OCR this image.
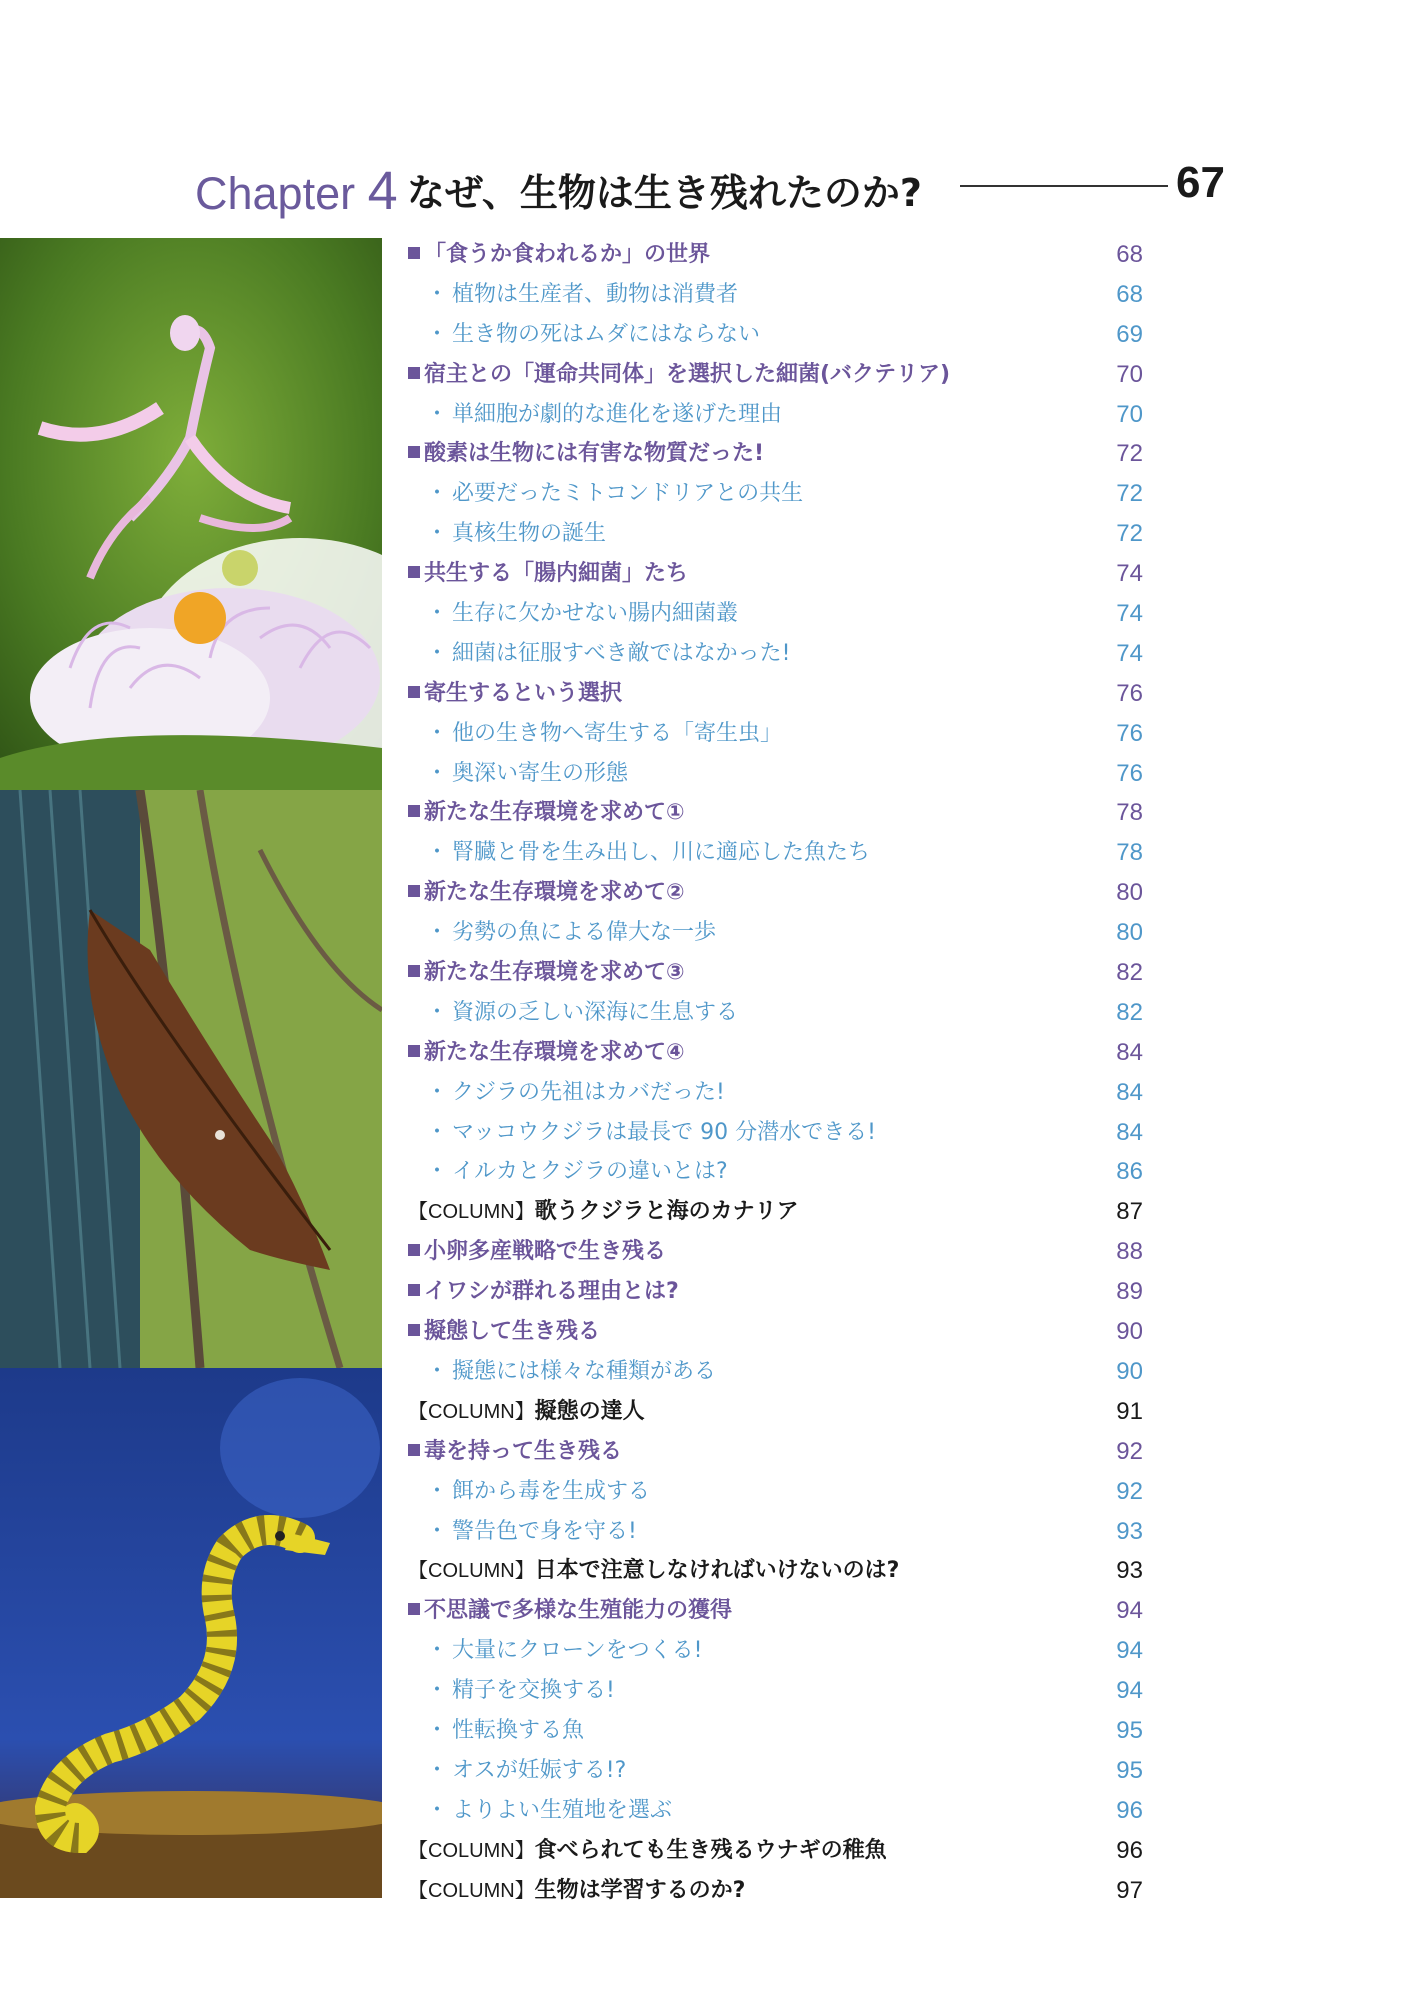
Chapter 4 なぜ、生物は生き残れたのか?	67
「食うか食われるか」の世界	68
・ 植物は生産者、動物は消費者	68
・ 生き物の死はムダにはならない	69
宿主との「運命共同体」を選択した細菌(バクテリア)	70
・ 単細胞が劇的な進化を遂げた理由	70
酸素は生物には有害な物質だった!	72
・ 必要だったミトコンドリアとの共生	72
・ 真核生物の誕生	72
共生する「腸内細菌」たち	74
・ 生存に欠かせない腸内細菌叢	74
・ 細菌は征服すべき敵ではなかった!	74
寄生するという選択	76
・ 他の生き物へ寄生する「寄生虫」	76
・ 奥深い寄生の形態	76
新たな生存環境を求めて①	78
・ 腎臓と骨を生み出し、川に適応した魚たち	78
新たな生存環境を求めて②	80
・ 劣勢の魚による偉大な一歩	80
新たな生存環境を求めて③	82
・ 資源の乏しい深海に生息する	82
新たな生存環境を求めて④	84
・ クジラの先祖はカバだった!	84
・ マッコウクジラは最長で 90 分潜水できる!	84
・ イルカとクジラの違いとは?	86
【COLUMN】歌うクジラと海のカナリア	87
小卵多産戦略で生き残る	88
イワシが群れる理由とは?	89
擬態して生き残る	90
・ 擬態には様々な種類がある	90
【COLUMN】擬態の達人	91
毒を持って生き残る	92
・ 餌から毒を生成する	92
・ 警告色で身を守る!	93
【COLUMN】日本で注意しなければいけないのは?	93
不思議で多様な生殖能力の獲得	94
・ 大量にクローンをつくる!	94
・ 精子を交換する!	94
・ 性転換する魚	95
・ オスが妊娠する!?	95
・ よりよい生殖地を選ぶ	96
【COLUMN】食べられても生き残るウナギの稚魚	96
【COLUMN】生物は学習するのか?	97
